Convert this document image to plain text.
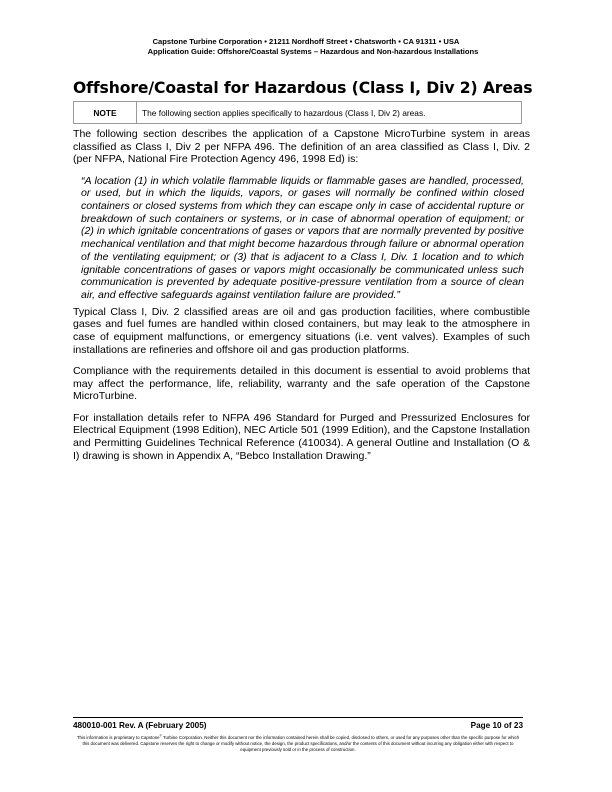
Capstone Turbine Corporation • 21211 Nordhoff Street • Chatsworth • CA 91311 • USA
Application Guide: Offshore/Coastal Systems – Hazardous and Non-hazardous Installations
Offshore/Coastal for Hazardous (Class I, Div 2) Areas
NOTE	The following section applies specifically to hazardous (Class I, Div 2) areas.

The following section describes the application of a Capstone MicroTurbine system in areas classified as Class I, Div 2 per NFPA 496. The definition of an area classified as Class I, Div. 2 (per NFPA, National Fire Protection Agency 496, 1998 Ed) is:

“A location (1) in which volatile flammable liquids or flammable gases are handled, processed, or used, but in which the liquids, vapors, or gases will normally be confined within closed containers or closed systems from which they can escape only in case of accidental rupture or breakdown of such containers or systems, or in case of abnormal operation of equipment; or (2) in which ignitable concentrations of gases or vapors that are normally prevented by positive mechanical ventilation and that might become hazardous through failure or abnormal operation of the ventilating equipment; or (3) that is adjacent to a Class I, Div. 1 location and to which ignitable concentrations of gases or vapors might occasionally be communicated unless such communication is prevented by adequate positive-pressure ventilation from a source of clean air, and effective safeguards against ventilation failure are provided.”

Typical Class I, Div. 2 classified areas are oil and gas production facilities, where combustible gases and fuel fumes are handled within closed containers, but may leak to the atmosphere in case of equipment malfunctions, or emergency situations (i.e. vent valves). Examples of such installations are refineries and offshore oil and gas production platforms.

Compliance with the requirements detailed in this document is essential to avoid problems that may affect the performance, life, reliability, warranty and the safe operation of the Capstone MicroTurbine.

For installation details refer to NFPA 496 Standard for Purged and Pressurized Enclosures for Electrical Equipment (1998 Edition), NEC Article 501 (1999 Edition), and the Capstone Installation and Permitting Guidelines Technical Reference (410034). A general Outline and Installation (O & I) drawing is shown in Appendix A, “Bebco Installation Drawing.”

480010-001 Rev. A (February 2005)	Page 10 of 23
This information is proprietary to Capstone® Turbine Corporation. Neither this document nor the information contained herein shall be copied, disclosed to others, or used for any purposes other than the specific purpose for which this document was delivered. Capstone reserves the right to change or modify without notice, the design, the product specifications, and/or the contents of this document without incurring any obligation either with respect to equipment previously sold or in the process of construction.
